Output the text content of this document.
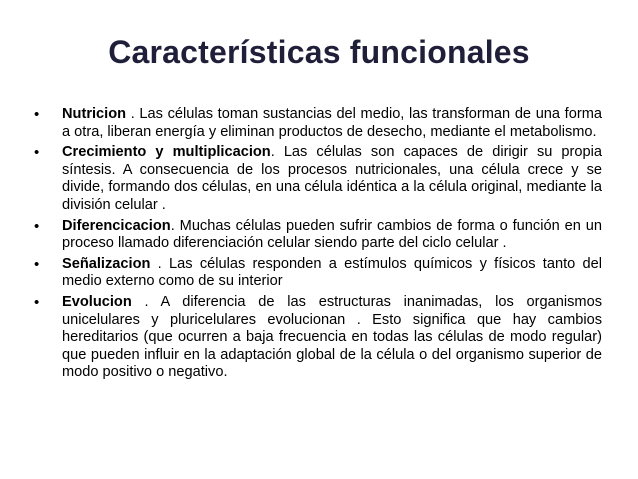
Características funcionales
• Nutricion . Las células toman sustancias del medio, las transforman de una forma a otra, liberan energía y eliminan productos de desecho, mediante el metabolismo.
• Crecimiento y multiplicacion. Las células son capaces de dirigir su propia síntesis. A consecuencia de los procesos nutricionales, una célula crece y se divide, formando dos células, en una célula idéntica a la célula original, mediante la división celular .
• Diferencicacion. Muchas células pueden sufrir cambios de forma o función en un proceso llamado diferenciación celular siendo parte del ciclo celular .
• Señalizacion . Las células responden a estímulos químicos y físicos tanto del medio externo como de su interior
• Evolucion . A diferencia de las estructuras inanimadas, los organismos unicelulares y pluricelulares evolucionan . Esto significa que hay cambios hereditarios (que ocurren a baja frecuencia en todas las células de modo regular) que pueden influir en la adaptación global de la célula o del organismo superior de modo positivo o negativo.
